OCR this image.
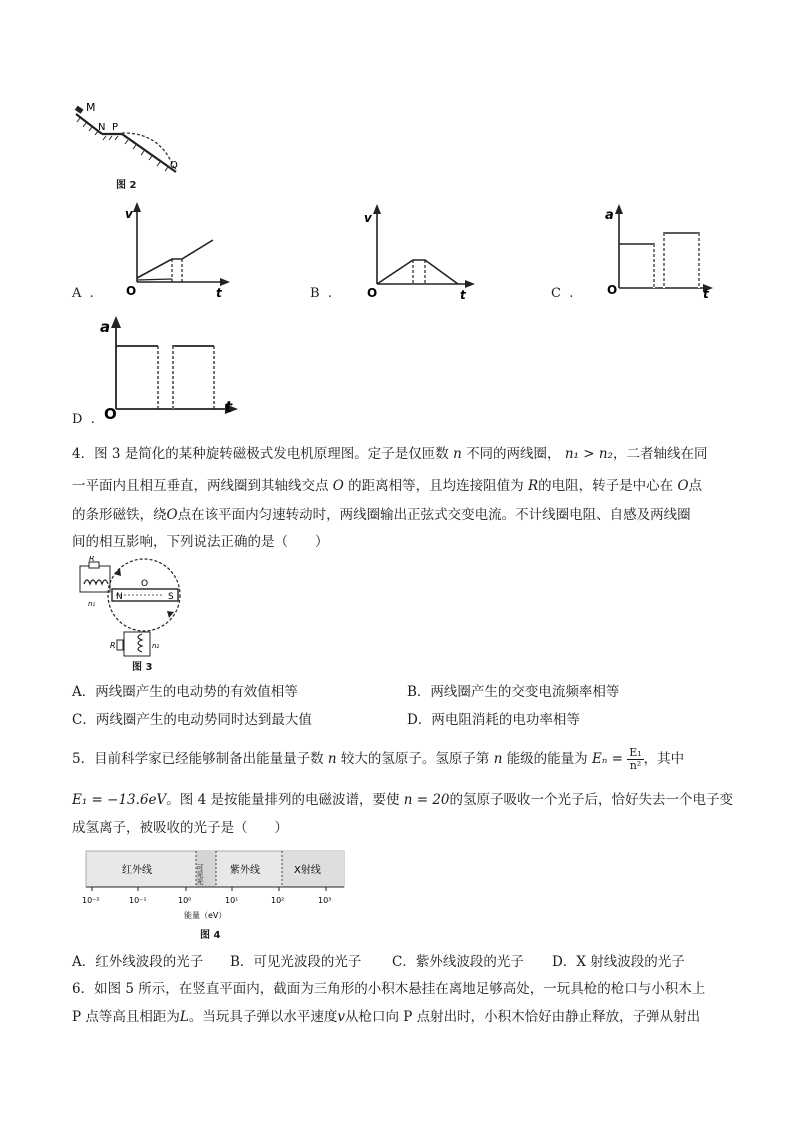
M
N P
Q
图 2
A .
v
t
O	B .
v
t
O	C .
a
t
O
D .
a
t
O
4．图 3 是简化的某种旋转磁极式发电机原理图。定子是仅匝数 n 不同的两线圈， n₁ > n₂，二者轴线在同
一平面内且相互垂直，两线圈到其轴线交点 O 的距离相等，且均连接阻值为 R的电阻，转子是中心在 O点
的条形磁铁，绕O点在该平面内匀速转动时，两线圈输出正弦式交变电流。不计线圈电阻、自感及两线圈
间的相互影响，下列说法正确的是（　　）
N	S
O
R
n₁
R	n₂
图 3
A．两线圈产生的电动势的有效值相等	B．两线圈产生的交变电流频率相等
C．两线圈产生的电动势同时达到最大值	D．两电阻消耗的电功率相等
5．目前科学家已经能够制备出能量量子数 n 较大的氢原子。氢原子第 n 能级的能量为 $E_n = \frac{\text{E₁}}{\text{n²}}$ ，其中
E₁ = −13.6eV。图 4 是按能量排列的电磁波谱，要使 n = 20的氢原子吸收一个光子后，恰好失去一个电子变
成氢离子，被吸收的光子是（　　）
红外线	可见光	紫外线	X射线
10⁻²	10⁻¹	10⁰	10¹	10²	10³
能量（eV）
图 4
A．红外线波段的光子 B．可见光波段的光子 C．紫外线波段的光子 D．X 射线波段的光子
6．如图 5 所示，在竖直平面内，截面为三角形的小积木悬挂在离地足够高处，一玩具枪的枪口与小积木上
P 点等高且相距为L。当玩具子弹以水平速度v从枪口向 P 点射出时，小积木恰好由静止释放，子弹从射出
